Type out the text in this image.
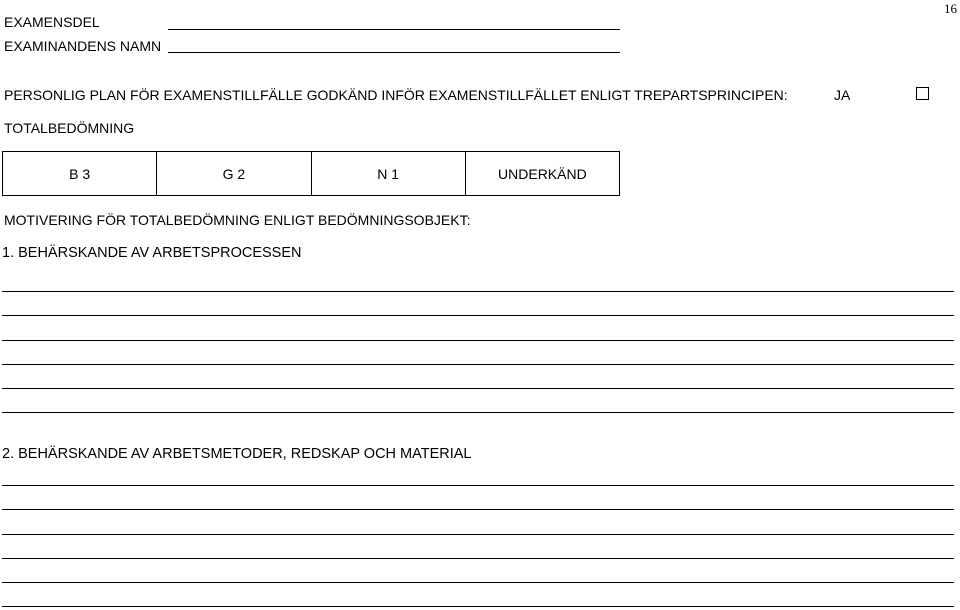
16
EXAMENSDEL
EXAMINANDENS NAMN
PERSONLIG PLAN FÖR EXAMENSTILLFÄLLE GODKÄND INFÖR EXAMENSTILLFÄLLET ENLIGT TREPARTSPRINCIPEN:	JA
TOTALBEDÖMNING
B 3	G 2	N 1	UNDERKÄND
MOTIVERING FÖR TOTALBEDÖMNING ENLIGT BEDÖMNINGSOBJEKT:
1. BEHÄRSKANDE AV ARBETSPROCESSEN
2. BEHÄRSKANDE AV ARBETSMETODER, REDSKAP OCH MATERIAL
